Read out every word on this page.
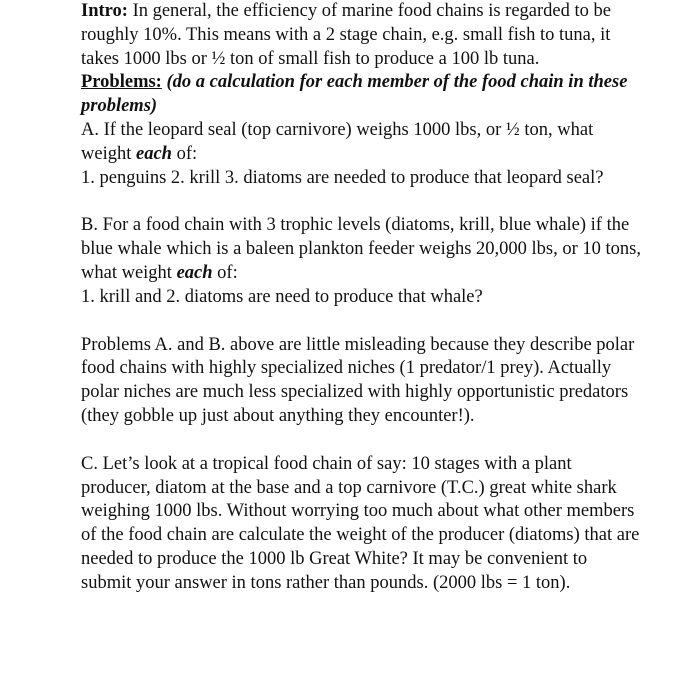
Intro: In general, the efficiency of marine food chains is regarded to be roughly 10%. This means with a 2 stage chain, e.g. small fish to tuna, it takes 1000 lbs or ½ ton of small fish to produce a 100 lb tuna.

Problems: (do a calculation for each member of the food chain in these problems)

A. If the leopard seal (top carnivore) weighs 1000 lbs, or ½ ton, what weight each of:

1. penguins 2. krill 3. diatoms are needed to produce that leopard seal?

B. For a food chain with 3 trophic levels (diatoms, krill, blue whale) if the blue whale which is a baleen plankton feeder weighs 20,000 lbs, or 10 tons, what weight each of:

1. krill and 2. diatoms are need to produce that whale?

Problems A. and B. above are little misleading because they describe polar food chains with highly specialized niches (1 predator/1 prey). Actually polar niches are much less specialized with highly opportunistic predators (they gobble up just about anything they encounter!).

C. Let’s look at a tropical food chain of say: 10 stages with a plant producer, diatom at the base and a top carnivore (T.C.) great white shark weighing 1000 lbs. Without worrying too much about what other members of the food chain are calculate the weight of the producer (diatoms) that are needed to produce the 1000 lb Great White? It may be convenient to submit your answer in tons rather than pounds. (2000 lbs = 1 ton).
